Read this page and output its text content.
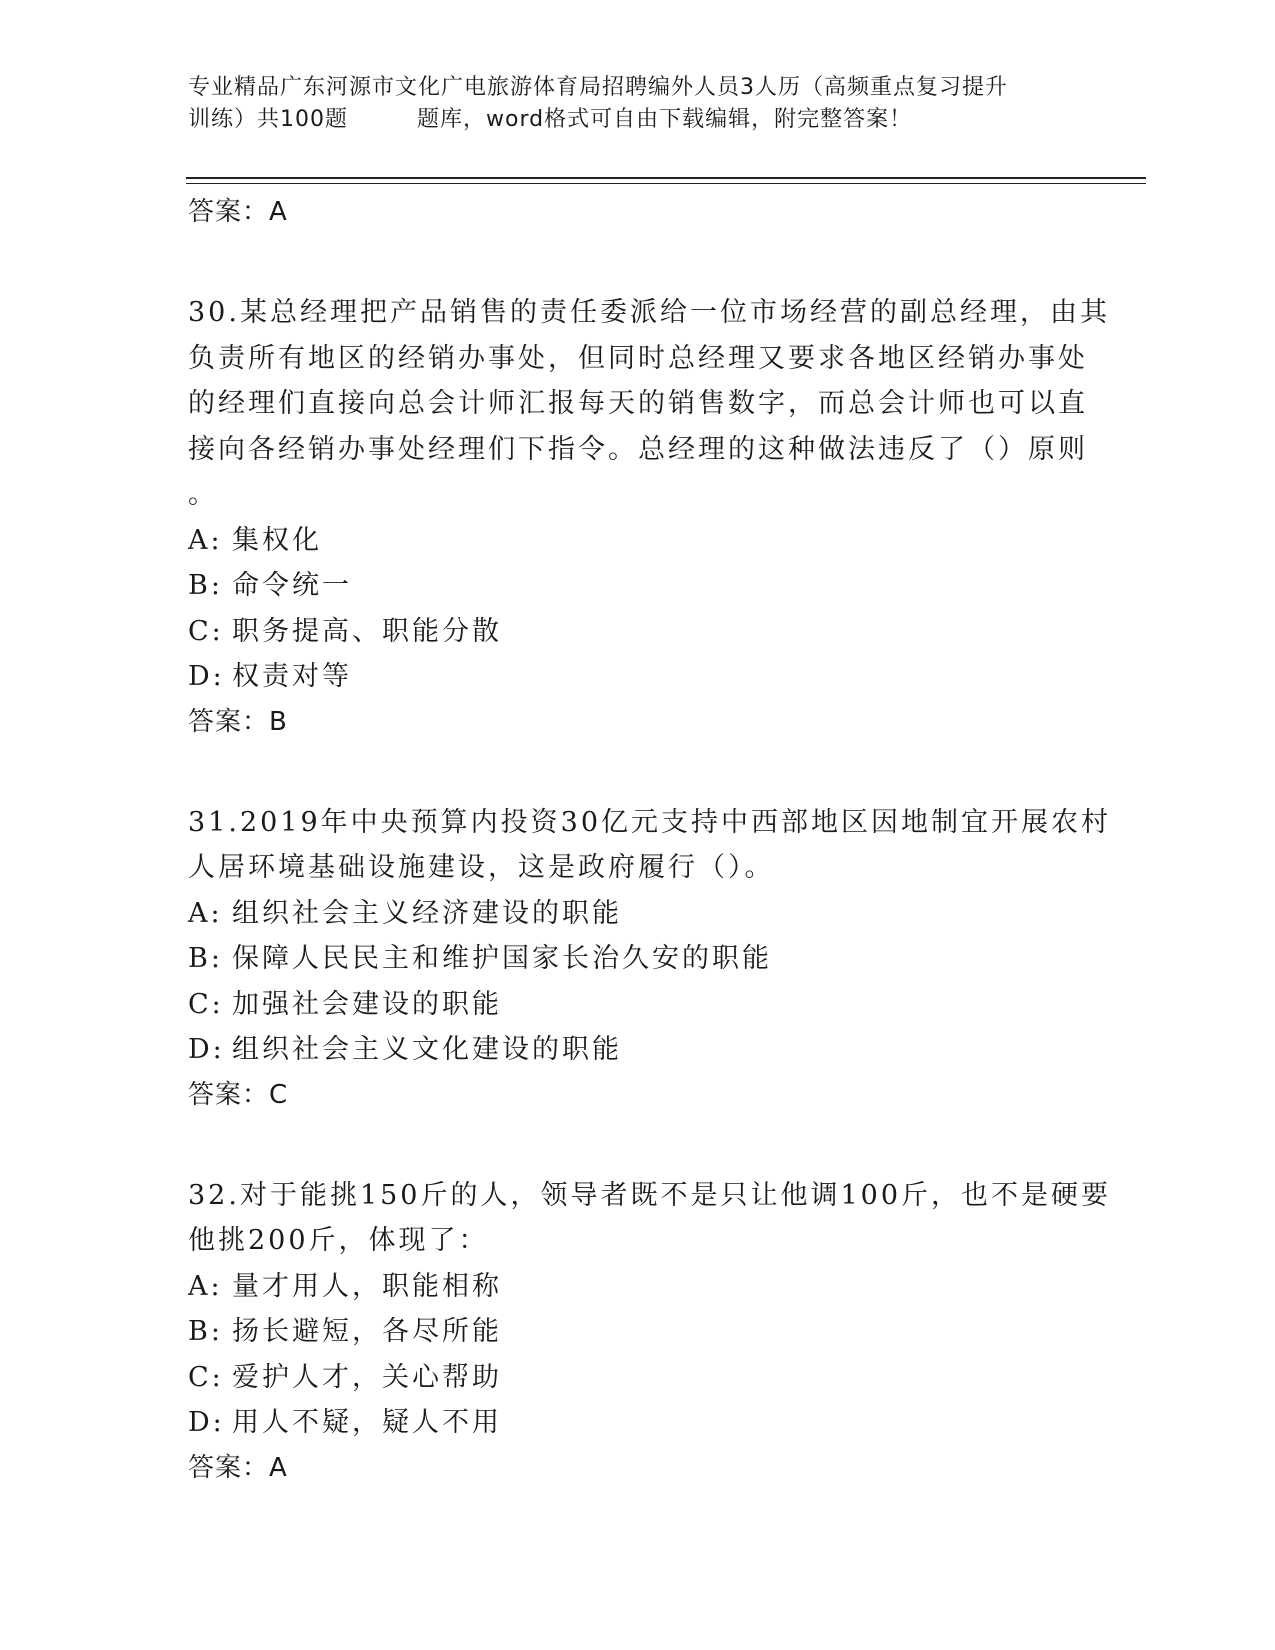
专业精品广东河源市文化广电旅游体育局招聘编外人员3人历（高频重点复习提升
训练）共100题　　　题库，word格式可自由下载编辑，附完整答案！
答案：A
30.某总经理把产品销售的责任委派给一位市场经营的副总经理，由其
负责所有地区的经销办事处，但同时总经理又要求各地区经销办事处
的经理们直接向总会计师汇报每天的销售数字，而总会计师也可以直
接向各经销办事处经理们下指令。总经理的这种做法违反了（）原则
。
A: 集权化
B: 命令统一
C: 职务提高、职能分散
D: 权责对等
答案：B
31.2019年中央预算内投资30亿元支持中西部地区因地制宜开展农村
人居环境基础设施建设，这是政府履行（）。
A: 组织社会主义经济建设的职能
B: 保障人民民主和维护国家长治久安的职能
C: 加强社会建设的职能
D: 组织社会主义文化建设的职能
答案：C
32.对于能挑150斤的人，领导者既不是只让他调100斤，也不是硬要
他挑200斤，体现了：
A: 量才用人，职能相称
B: 扬长避短，各尽所能
C: 爱护人才，关心帮助
D: 用人不疑，疑人不用
答案：A
